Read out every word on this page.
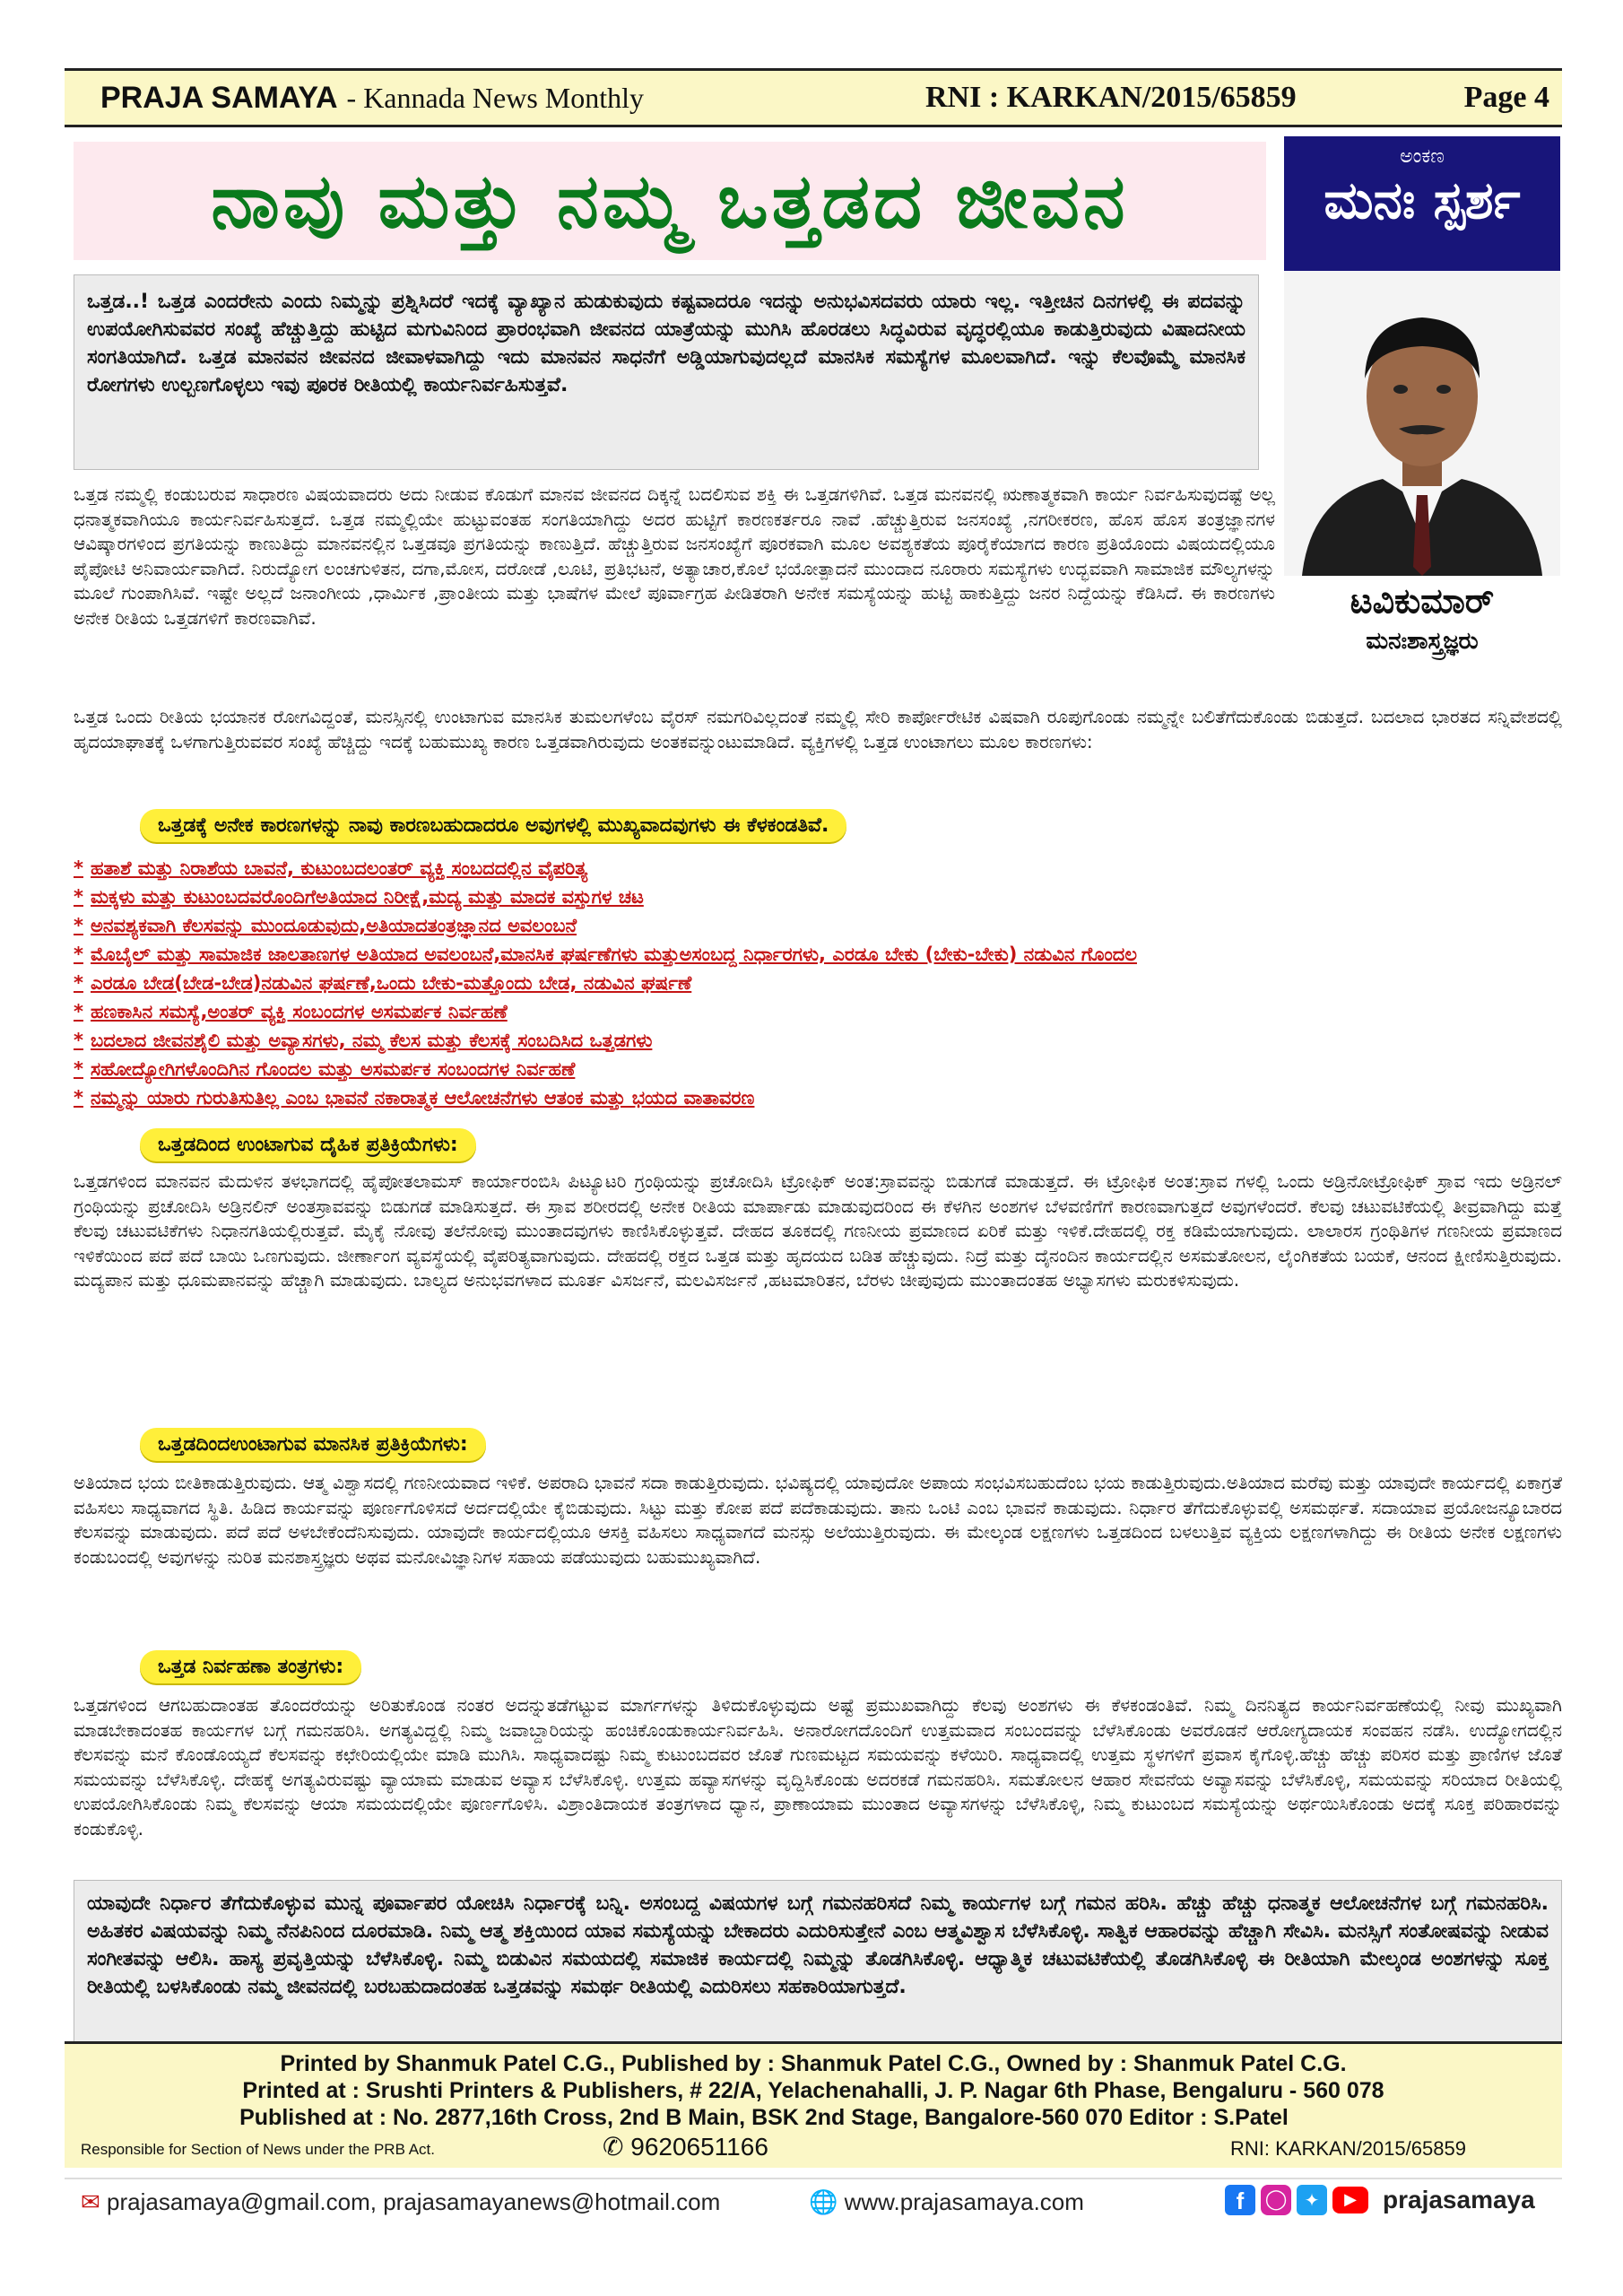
PRAJA SAMAYA - Kannada News Monthly	RNI : KARKAN/2015/65859	Page 4
ನಾವು ಮತ್ತು ನಮ್ಮ ಒತ್ತಡದ ಜೀವನ	ಅಂಕಣ
ಮನಃ ಸ್ಪರ್ಶ
ಟವಿಕುಮಾರ್
ಮನಃಶಾಸ್ತ್ರಜ್ಞರು
ಒತ್ತಡ..! ಒತ್ತಡ ಎಂದರೇನು ಎಂದು ನಿಮ್ಮನ್ನು ಪ್ರಶ್ನಿಸಿದರೆ ಇದಕ್ಕೆ ವ್ಯಾಖ್ಯಾನ ಹುಡುಕುವುದು ಕಷ್ಟವಾದರೂ ಇದನ್ನು ಅನುಭವಿಸದವರು ಯಾರು ಇಲ್ಲ. ಇತ್ತೀಚಿನ ದಿನಗಳಲ್ಲಿ ಈ ಪದವನ್ನು ಉಪಯೋಗಿಸುವವರ ಸಂಖ್ಯೆ ಹೆಚ್ಚುತ್ತಿದ್ದು ಹುಟ್ಟಿದ ಮಗುವಿನಿಂದ ಪ್ರಾರಂಭವಾಗಿ ಜೀವನದ ಯಾತ್ರೆಯನ್ನು ಮುಗಿಸಿ ಹೊರಡಲು ಸಿದ್ಧವಿರುವ ವೃದ್ಧರಲ್ಲಿಯೂ ಕಾಡುತ್ತಿರುವುದು ವಿಷಾದನೀಯ ಸಂಗತಿಯಾಗಿದೆ. ಒತ್ತಡ ಮಾನವನ ಜೀವನದ ಜೀವಾಳವಾಗಿದ್ದು ಇದು ಮಾನವನ ಸಾಧನೆಗೆ ಅಡ್ಡಿಯಾಗುವುದಲ್ಲದೆ ಮಾನಸಿಕ ಸಮಸ್ಯೆಗಳ ಮೂಲವಾಗಿದೆ. ಇನ್ನು ಕೆಲವೊಮ್ಮೆ ಮಾನಸಿಕ ರೋಗಗಳು ಉಲ್ಬಣಗೊಳ್ಳಲು ಇವು ಪೂರಕ ರೀತಿಯಲ್ಲಿ ಕಾರ್ಯನಿರ್ವಹಿಸುತ್ತವೆ.
ಒತ್ತಡ ನಮ್ಮಲ್ಲಿ ಕಂಡುಬರುವ ಸಾಧಾರಣ ವಿಷಯವಾದರು ಅದು ನೀಡುವ ಕೊಡುಗೆ ಮಾನವ ಜೀವನದ ದಿಕ್ಕನ್ನೆ ಬದಲಿಸುವ ಶಕ್ತಿ ಈ ಒತ್ತಡಗಳಿಗಿವೆ. ಒತ್ತಡ ಮನವನಲ್ಲಿ ಋಣಾತ್ಮಕವಾಗಿ ಕಾರ್ಯ ನಿರ್ವಹಿಸುವುದಷ್ಟೆ ಅಲ್ಲ ಧನಾತ್ಮಕವಾಗಿಯೂ ಕಾರ್ಯನಿರ್ವಹಿಸುತ್ತದೆ. ಒತ್ತಡ ನಮ್ಮಲ್ಲಿಯೇ ಹುಟ್ಟುವಂತಹ ಸಂಗತಿಯಾಗಿದ್ದು ಅದರ ಹುಟ್ಟಿಗೆ ಕಾರಣಕರ್ತರೂ ನಾವೆ .ಹೆಚ್ಚುತ್ತಿರುವ ಜನಸಂಖ್ಯೆ ,ನಗರೀಕರಣ, ಹೊಸ ಹೊಸ ತಂತ್ರಜ್ಞಾನಗಳ ಆವಿಷ್ಕಾರಗಳಿಂದ ಪ್ರಗತಿಯನ್ನು ಕಾಣುತಿದ್ದು ಮಾನವನಲ್ಲಿನ ಒತ್ತಡವೂ ಪ್ರಗತಿಯನ್ನು ಕಾಣುತ್ತಿದೆ. ಹೆಚ್ಚುತ್ತಿರುವ ಜನಸಂಖ್ಯೆಗೆ ಪೂರಕವಾಗಿ ಮೂಲ ಅವಶ್ಯಕತೆಯ ಪೂರೈಕೆಯಾಗದ ಕಾರಣ ಪ್ರತಿಯೊಂದು ವಿಷಯದಲ್ಲಿಯೂ ಪೈಪೋಟಿ ಅನಿವಾರ್ಯವಾಗಿದೆ. ನಿರುದ್ಯೋಗ ಲಂಚಗುಳಿತನ, ದಗಾ,ಮೋಸ, ದರೋಡೆ ,ಲೂಟಿ, ಪ್ರತಿಭಟನೆ, ಅತ್ಯಾಚಾರ,ಕೊಲೆ ಭಯೋತ್ಪಾದನೆ ಮುಂದಾದ ನೂರಾರು ಸಮಸ್ಯೆಗಳು ಉದ್ಭವವಾಗಿ ಸಾಮಾಜಿಕ ಮೌಲ್ಯಗಳನ್ನು ಮೂಲೆ ಗುಂಪಾಗಿಸಿವೆ. ಇಷ್ಟೇ ಅಲ್ಲದೆ ಜನಾಂಗೀಯ ,ಧಾರ್ಮಿಕ ,ಪ್ರಾಂತೀಯ ಮತ್ತು ಭಾಷೆಗಳ ಮೇಲೆ ಪೂರ್ವಾಗ್ರಹ ಪೀಡಿತರಾಗಿ ಅನೇಕ ಸಮಸ್ಯೆಯನ್ನು ಹುಟ್ಟಿ ಹಾಕುತ್ತಿದ್ದು ಜನರ ನಿದ್ದೆಯನ್ನು ಕೆಡಿಸಿದೆ. ಈ ಕಾರಣಗಳು ಅನೇಕ ರೀತಿಯ ಒತ್ತಡಗಳಿಗೆ ಕಾರಣವಾಗಿವೆ.
ಒತ್ತಡ ಒಂದು ರೀತಿಯ ಭಯಾನಕ ರೋಗವಿದ್ದಂತೆ, ಮನಸ್ಸಿನಲ್ಲಿ ಉಂಟಾಗುವ ಮಾನಸಿಕ ತುಮಲಗಳೆಂಬ ವೈರಸ್ ನಮಗರಿವಿಲ್ಲದಂತೆ ನಮ್ಮಲ್ಲಿ ಸೇರಿ ಕಾರ್ಪೋರೇಟಿಕ ವಿಷವಾಗಿ ರೂಪುಗೊಂಡು ನಮ್ಮನ್ನೇ ಬಲಿತೆಗೆದುಕೊಂಡು ಬಿಡುತ್ತದೆ. ಬದಲಾದ ಭಾರತದ ಸನ್ನಿವೇಶದಲ್ಲಿ ಹೃದಯಾಘಾತಕ್ಕೆ ಒಳಗಾಗುತ್ತಿರುವವರ ಸಂಖ್ಯೆ ಹೆಚ್ಚಿದ್ದು ಇದಕ್ಕೆ ಬಹುಮುಖ್ಯ ಕಾರಣ ಒತ್ತಡವಾಗಿರುವುದು ಅಂತಕವನ್ನುಂಟುಮಾಡಿದೆ. ವ್ಯಕ್ತಿಗಳಲ್ಲಿ ಒತ್ತಡ ಉಂಟಾಗಲು ಮೂಲ ಕಾರಣಗಳು:
ಒತ್ತಡಕ್ಕೆ ಅನೇಕ ಕಾರಣಗಳನ್ನು ನಾವು ಕಾರಣಬಹುದಾದರೂ ಅವುಗಳಲ್ಲಿ ಮುಖ್ಯವಾದವುಗಳು ಈ ಕೆಳಕಂಡತಿವೆ.
* ಹತಾಶೆ ಮತ್ತು ನಿರಾಶೆಯ ಬಾವನೆ, ಕುಟುಂಬದಲಂತರ್ ವ್ಯಕ್ತಿ ಸಂಬದದಲ್ಲಿನ ವೈಪರಿತ್ಯ
* ಮಕ್ಕಳು ಮತ್ತು ಕುಟುಂಬದವರೊಂದಿಗೆಅತಿಯಾದ ನಿರೀಕ್ಷೆ,ಮದ್ಯ ಮತ್ತು ಮಾದಕ ವಸ್ತುಗಳ ಚಟ
* ಅನವಶ್ಯಕವಾಗಿ ಕೆಲಸವನ್ನು ಮುಂದೂಡುವುದು,ಅತಿಯಾದತಂತ್ರಜ್ಞಾನದ ಅವಲಂಬನೆ
* ಮೊಬೈಲ್ ಮತ್ತು ಸಾಮಾಜಿಕ ಜಾಲತಾಣಗಳ ಅತಿಯಾದ ಅವಲಂಬನೆ,ಮಾನಸಿಕ ಘರ್ಷಣೆಗಳು ಮತ್ತುಅಸಂಬದ್ದ ನಿರ್ಧಾರಗಳು, ಎರಡೂ ಬೇಕು (ಬೇಕು-ಬೇಕು) ನಡುವಿನ ಗೊಂದಲ
* ಎರಡೂ ಬೇಡ(ಬೇಡ-ಬೇಡ)ನಡುವಿನ ಘರ್ಷಣೆ,ಒಂದು ಬೇಕು-ಮತ್ತೊಂದು ಬೇಡ, ನಡುವಿನ ಘರ್ಷಣೆ
* ಹಣಕಾಸಿನ ಸಮಸ್ಯೆ,ಅಂತರ್ ವ್ಯಕ್ತಿ ಸಂಬಂದಗಳ ಅಸಮರ್ಪಕ ನಿರ್ವಹಣೆ
* ಬದಲಾದ ಜೀವನಶೈಲಿ ಮತ್ತು ಅವ್ಯಾಸಗಳು, ನಮ್ಮ ಕೆಲಸ ಮತ್ತು ಕೆಲಸಕ್ಕೆ ಸಂಬದಿಸಿದ ಒತ್ತಡಗಳು
* ಸಹೋದ್ಯೋಗಿಗಳೊಂದಿಗಿನ ಗೊಂದಲ ಮತ್ತು ಅಸಮರ್ಪಕ ಸಂಬಂದಗಳ ನಿರ್ವಹಣೆ
* ನಮ್ಮನ್ನು ಯಾರು ಗುರುತಿಸುತಿಲ್ಲ ಎಂಬ ಭಾವನೆ ನಕಾರಾತ್ಮಕ ಆಲೋಚನೆಗಳು ಆತಂಕ ಮತ್ತು ಭಯದ ವಾತಾವರಣ
ಒತ್ತಡದಿಂದ ಉಂಟಾಗುವ ದೈಹಿಕ ಪ್ರತಿಕ್ರಿಯೆಗಳು:
ಒತ್ತಡಗಳಿಂದ ಮಾನವನ ಮೆದುಳಿನ ತಳಭಾಗದಲ್ಲಿ ಹೈಪೋತಲಾಮಸ್ ಕಾರ್ಯಾರಂಬಿಸಿ ಪಿಟ್ಯೂಟರಿ ಗ್ರಂಥಿಯನ್ನು ಪ್ರಚೋದಿಸಿ ಟ್ರೋಫಿಕ್ ಅಂತ:ಸ್ರಾವವನ್ನು ಬಿಡುಗಡೆ ಮಾಡುತ್ತದೆ. ಈ ಟ್ರೋಫಿಕ ಅಂತ:ಸ್ರಾವ ಗಳಲ್ಲಿ ಒಂದು ಅಡ್ರಿನೋಟ್ರೋಫಿಕ್ ಸ್ರಾವ ಇದು ಅಡ್ರಿನಲ್ ಗ್ರಂಥಿಯನ್ನು ಪ್ರಚೋದಿಸಿ ಅಡ್ರಿನಲಿನ್ ಅಂತಸ್ರಾವವನ್ನು ಬಿಡುಗಡೆ ಮಾಡಿಸುತ್ತದೆ. ಈ ಸ್ರಾವ ಶರೀರದಲ್ಲಿ ಅನೇಕ ರೀತಿಯ ಮಾರ್ಪಾಡು ಮಾಡುವುದರಿಂದ ಈ ಕೆಳಗಿನ ಅಂಶಗಳ ಬೆಳವಣಿಗೆಗೆ ಕಾರಣವಾಗುತ್ತದೆ ಅವುಗಳೆಂದರೆ. ಕೆಲವು ಚಟುವಟಿಕೆಯಲ್ಲಿ ತೀವ್ರವಾಗಿದ್ದು ಮತ್ತೆ ಕೆಲವು ಚಟುವಟಿಕೆಗಳು ನಿಧಾನಗತಿಯಲ್ಲಿರುತ್ತವೆ. ಮೈಕೈ ನೋವು ತಲೆನೋವು ಮುಂತಾದವುಗಳು ಕಾಣಿಸಿಕೊಳ್ಳುತ್ತವೆ. ದೇಹದ ತೂಕದಲ್ಲಿ ಗಣನೀಯ ಪ್ರಮಾಣದ ಏರಿಕೆ ಮತ್ತು ಇಳಿಕೆ.ದೇಹದಲ್ಲಿ ರಕ್ತ ಕಡಿಮೆಯಾಗುವುದು. ಲಾಲಾರಸ ಗ್ರಂಥಿತಿಗಳ ಗಣನೀಯ ಪ್ರಮಾಣದ ಇಳಿಕೆಯಿಂದ ಪದೆ ಪದೆ ಬಾಯಿ ಒಣಗುವುದು. ಜೀರ್ಣಾಂಗ ವ್ಯವಸ್ಥೆಯಲ್ಲಿ ವೈಪರಿತ್ಯವಾಗುವುದು. ದೇಹದಲ್ಲಿ ರಕ್ತದ ಒತ್ತಡ ಮತ್ತು ಹೃದಯದ ಬಡಿತ ಹೆಚ್ಚುವುದು. ನಿದ್ರೆ ಮತ್ತು ದೈನಂದಿನ ಕಾರ್ಯದಲ್ಲಿನ ಅಸಮತೋಲನ, ಲೈಂಗಿಕತೆಯ ಬಯಕೆ, ಆನಂದ ಕ್ಷೀಣಿಸುತ್ತಿರುವುದು. ಮದ್ಯಪಾನ ಮತ್ತು ಧೂಮಪಾನವನ್ನು ಹೆಚ್ಚಾಗಿ ಮಾಡುವುದು. ಬಾಲ್ಯದ ಅನುಭವಗಳಾದ ಮೂರ್ತ ವಿಸರ್ಜನೆ, ಮಲವಿಸರ್ಜನೆ ,ಹಟಮಾರಿತನ, ಬೆರಳು ಚೀಪುವುದು ಮುಂತಾದಂತಹ ಅಭ್ಯಾಸಗಳು ಮರುಕಳಿಸುವುದು.
ಒತ್ತಡದಿಂದಉಂಟಾಗುವ ಮಾನಸಿಕ ಪ್ರತಿಕ್ರಿಯೆಗಳು:
ಅತಿಯಾದ ಭಯ ಬೀತಿಕಾಡುತ್ತಿರುವುದು. ಆತ್ಮ ವಿಶ್ವಾಸದಲ್ಲಿ ಗಣನೀಯವಾದ ಇಳಿಕೆ. ಅಪರಾದಿ ಭಾವನೆ ಸದಾ ಕಾಡುತ್ತಿರುವುದು. ಭವಿಷ್ಯದಲ್ಲಿ ಯಾವುದೋ ಅಪಾಯ ಸಂಭವಿಸಬಹುದೆಂಬ ಭಯ ಕಾಡುತ್ತಿರುವುದು.ಅತಿಯಾದ ಮರೆವು ಮತ್ತು ಯಾವುದೇ ಕಾರ್ಯದಲ್ಲಿ ಏಕಾಗ್ರತೆ ವಹಿಸಲು ಸಾಧ್ಯವಾಗದ ಸ್ಥಿತಿ. ಹಿಡಿದ ಕಾರ್ಯವನ್ನು ಪೂರ್ಣಗೊಳಿಸದೆ ಅರ್ದದಲ್ಲಿಯೇ ಕೈಬಿಡುವುದು. ಸಿಟ್ಟು ಮತ್ತು ಕೋಪ ಪದೆ ಪದೆಕಾಡುವುದು. ತಾನು ಒಂಟಿ ಎಂಬ ಭಾವನೆ ಕಾಡುವುದು. ನಿರ್ಧಾರ ತೆಗೆದುಕೊಳ್ಳುವಲ್ಲಿ ಅಸಮರ್ಥತೆ. ಸದಾಯಾವ ಪ್ರಯೋಜನ್ಯೂಬಾರದ ಕೆಲಸವನ್ನು ಮಾಡುವುದು. ಪದೆ ಪದೆ ಅಳಬೇಕೆಂದೆನಿಸುವುದು. ಯಾವುದೇ ಕಾರ್ಯದಲ್ಲಿಯೂ ಆಸಕ್ತಿ ವಹಿಸಲು ಸಾಧ್ಯವಾಗದೆ ಮನಸ್ಸು ಅಲೆಯುತ್ತಿರುವುದು. ಈ ಮೇಲ್ಕಂಡ ಲಕ್ಷಣಗಳು ಒತ್ತಡದಿಂದ ಬಳಲುತ್ತಿವ ವ್ಯಕ್ತಿಯ ಲಕ್ಷಣಗಳಾಗಿದ್ದು ಈ ರೀತಿಯ ಅನೇಕ ಲಕ್ಷಣಗಳು ಕಂಡುಬಂದಲ್ಲಿ ಅವುಗಳನ್ನು ನುರಿತ ಮನಶಾಸ್ತ್ರಜ್ಞರು ಅಥವ ಮನೋವಿಜ್ಞಾನಿಗಳ ಸಹಾಯ ಪಡೆಯುವುದು ಬಹುಮುಖ್ಯವಾಗಿದೆ.
ಒತ್ತಡ ನಿರ್ವಹಣಾ ತಂತ್ರಗಳು:
ಒತ್ತಡಗಳಿಂದ ಆಗಬಹುದಾಂತಹ ತೊಂದರೆಯನ್ನು ಅರಿತುಕೊಂಡ ನಂತರ ಅದನ್ನುತಡೆಗಟ್ಟುವ ಮಾರ್ಗಗಳನ್ನು ತಿಳಿದುಕೊಳ್ಳುವುದು ಅಷ್ಟೆ ಪ್ರಮುಖವಾಗಿದ್ದು ಕೆಲವು ಅಂಶಗಳು ಈ ಕೆಳಕಂಡಂತಿವೆ. ನಿಮ್ಮ ದಿನನಿತ್ಯದ ಕಾರ್ಯನಿರ್ವಹಣೆಯಲ್ಲಿ ನೀವು ಮುಖ್ಯವಾಗಿ ಮಾಡಬೇಕಾದಂತಹ ಕಾರ್ಯಗಳ ಬಗ್ಗೆ ಗಮನಹರಿಸಿ. ಅಗತ್ಯವಿದ್ದಲ್ಲಿ ನಿಮ್ಮ ಜವಾಬ್ದಾರಿಯನ್ನು ಹಂಚಿಕೊಂಡುಕಾರ್ಯನಿರ್ವಹಿಸಿ. ಅನಾರೋಗದೊಂದಿಗೆ ಉತ್ತಮವಾದ ಸಂಬಂದವನ್ನು ಬೆಳೆಸಿಕೊಂಡು ಅವರೊಡನೆ ಆರೋಗ್ಯದಾಯಕ ಸಂವಹನ ನಡೆಸಿ. ಉದ್ಯೋಗದಲ್ಲಿನ ಕೆಲಸವನ್ನು ಮನೆ ಕೊಂಡೊಯ್ಯದೆ ಕೆಲಸವನ್ನು ಕಛೇರಿಯಲ್ಲಿಯೇ ಮಾಡಿ ಮುಗಿಸಿ. ಸಾಧ್ಯವಾದಷ್ಟು ನಿಮ್ಮ ಕುಟುಂಬದವರ ಜೊತೆ ಗುಣಮಟ್ಟದ ಸಮಯವನ್ನು ಕಳೆಯಿರಿ. ಸಾಧ್ಯವಾದಲ್ಲಿ ಉತ್ತಮ ಸ್ಥಳಗಳಿಗೆ ಪ್ರವಾಸ ಕೈಗೊಳ್ಳಿ.ಹೆಚ್ಚು ಹೆಚ್ಚು ಪರಿಸರ ಮತ್ತು ಪ್ರಾಣಿಗಳ ಜೊತೆ ಸಮಯವನ್ನು ಬೆಳೆಸಿಕೊಳ್ಳಿ. ದೇಹಕ್ಕೆ ಅಗತ್ಯವಿರುವಷ್ಟು ವ್ಯಾಯಾಮ ಮಾಡುವ ಅವ್ಯಾಸ ಬೆಳೆಸಿಕೊಳ್ಳಿ. ಉತ್ತಮ ಹವ್ಯಾಸಗಳನ್ನು ವೃದ್ದಿಸಿಕೊಂಡು ಅದರಕಡೆ ಗಮನಹರಿಸಿ. ಸಮತೋಲನ ಆಹಾರ ಸೇವನೆಯ ಅವ್ಯಾಸವನ್ನು ಬೆಳೆಸಿಕೊಳ್ಳಿ, ಸಮಯವನ್ನು ಸರಿಯಾದ ರೀತಿಯಲ್ಲಿ ಉಪಯೋಗಿಸಿಕೊಂಡು ನಿಮ್ಮ ಕೆಲಸವನ್ನು ಆಯಾ ಸಮಯದಲ್ಲಿಯೇ ಪೂರ್ಣಗೊಳಿಸಿ. ವಿಶ್ರಾಂತಿದಾಯಕ ತಂತ್ರಗಳಾದ ಧ್ಯಾನ, ಪ್ರಾಣಾಯಾಮ ಮುಂತಾದ ಅವ್ಯಾಸಗಳನ್ನು ಬೆಳೆಸಿಕೊಳ್ಳಿ, ನಿಮ್ಮ ಕುಟುಂಬದ ಸಮಸ್ಯೆಯನ್ನು ಅರ್ಥಯಿಸಿಕೊಂಡು ಅದಕ್ಕೆ ಸೂಕ್ತ ಪರಿಹಾರವನ್ನು ಕಂಡುಕೊಳ್ಳಿ.
ಯಾವುದೇ ನಿರ್ಧಾರ ತೆಗೆದುಕೊಳ್ಳುವ ಮುನ್ನ ಪೂರ್ವಾಪರ ಯೋಚಿಸಿ ನಿರ್ಧಾರಕ್ಕೆ ಬನ್ನಿ. ಅಸಂಬದ್ದ ವಿಷಯಗಳ ಬಗ್ಗೆ ಗಮನಹರಿಸದೆ ನಿಮ್ಮ ಕಾರ್ಯಗಳ ಬಗ್ಗೆ ಗಮನ ಹರಿಸಿ. ಹೆಚ್ಚು ಹೆಚ್ಚು ಧನಾತ್ಮಕ ಆಲೋಚನೆಗಳ ಬಗ್ಗೆ ಗಮನಹರಿಸಿ. ಅಹಿತಕರ ವಿಷಯವನ್ನು ನಿಮ್ಮ ನೆನಪಿನಿಂದ ದೂರಮಾಡಿ. ನಿಮ್ಮ ಆತ್ಮ ಶಕ್ತಿಯಿಂದ ಯಾವ ಸಮಸ್ಯೆಯನ್ನು ಬೇಕಾದರು ಎದುರಿಸುತ್ತೇನೆ ಎಂಬ ಆತ್ಮವಿಶ್ವಾಸ ಬೆಳೆಸಿಕೊಳ್ಳಿ. ಸಾತ್ವಿಕ ಆಹಾರವನ್ನು ಹೆಚ್ಚಾಗಿ ಸೇವಿಸಿ. ಮನಸ್ಸಿಗೆ ಸಂತೋಷವನ್ನು ನೀಡುವ ಸಂಗೀತವನ್ನು ಆಲಿಸಿ. ಹಾಸ್ಯ ಪ್ರವೃತ್ತಿಯನ್ನು ಬೆಳೆಸಿಕೊಳ್ಳಿ. ನಿಮ್ಮ ಬಿಡುವಿನ ಸಮಯದಲ್ಲಿ ಸಮಾಜಿಕ ಕಾರ್ಯದಲ್ಲಿ ನಿಮ್ಮನ್ನು ತೊಡಗಿಸಿಕೊಳ್ಳಿ. ಆಧ್ಯಾತ್ಮಿಕ ಚಟುವಟಿಕೆಯಲ್ಲಿ ತೊಡಗಿಸಿಕೊಳ್ಳಿ ಈ ರೀತಿಯಾಗಿ ಮೇಲ್ಕಂಡ ಅಂಶಗಳನ್ನು ಸೂಕ್ತ ರೀತಿಯಲ್ಲಿ ಬಳಸಿಕೊಂಡು ನಮ್ಮ ಜೀವನದಲ್ಲಿ ಬರಬಹುದಾದಂತಹ ಒತ್ತಡವನ್ನು ಸಮರ್ಥ ರೀತಿಯಲ್ಲಿ ಎದುರಿಸಲು ಸಹಕಾರಿಯಾಗುತ್ತದೆ.
Printed by Shanmuk Patel C.G., Published by : Shanmuk Patel C.G., Owned by : Shanmuk Patel C.G.
Printed at : Srushti Printers & Publishers, # 22/A, Yelachenahalli, J. P. Nagar 6th Phase, Bengaluru - 560 078
Published at : No. 2877,16th Cross, 2nd B Main, BSK 2nd Stage, Bangalore-560 070 Editor : S.Patel
Responsible for Section of News under the PRB Act.	✆ 9620651166	RNI: KARKAN/2015/65859
✉ prajasamaya@gmail.com, prajasamayanews@hotmail.com	🌐 www.prajasamaya.com	f	◯ ✦	▶	prajasamaya
